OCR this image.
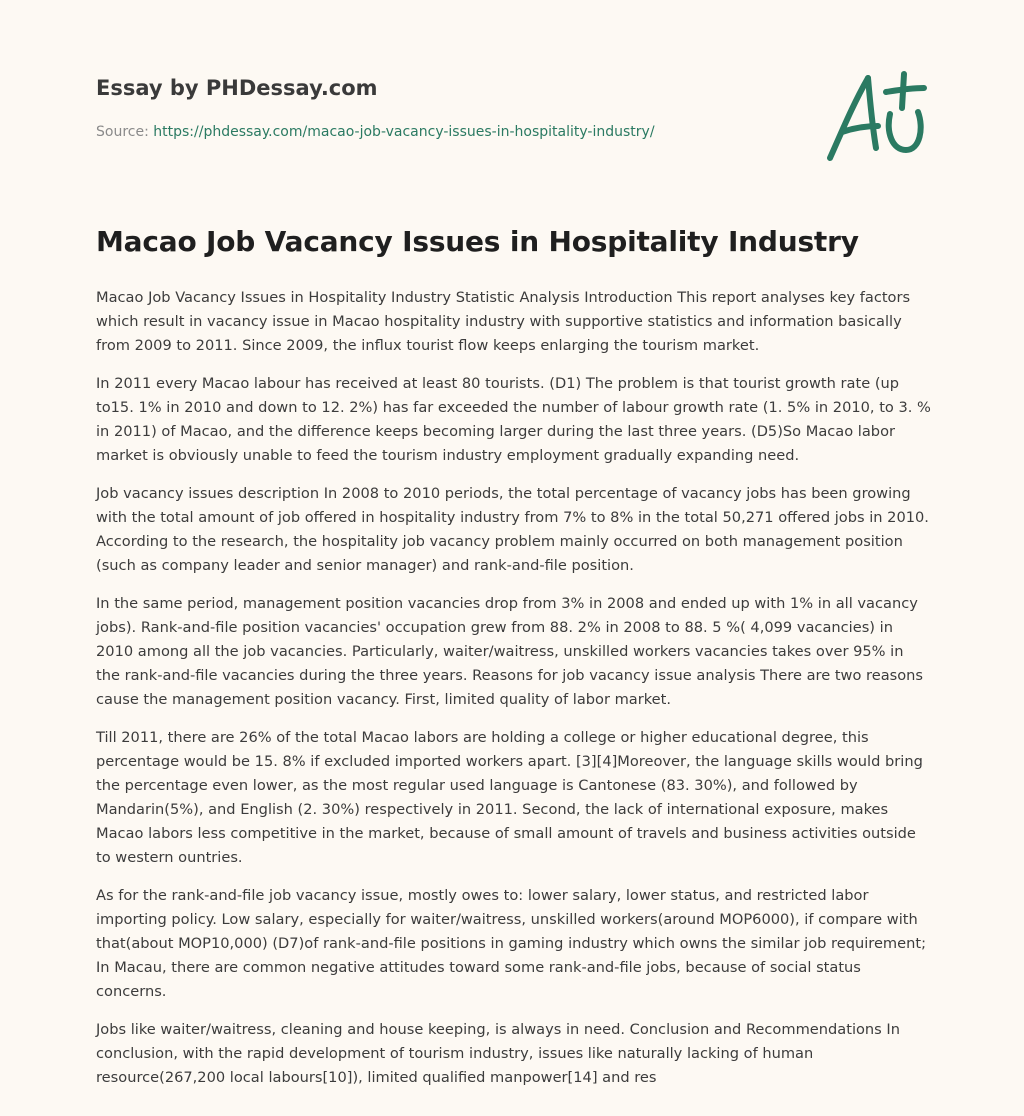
Essay by PHDessay.com
Source: https://phdessay.com/macao-job-vacancy-issues-in-hospitality-industry/
Macao Job Vacancy Issues in Hospitality Industry

Macao Job Vacancy Issues in Hospitality Industry Statistic Analysis Introduction This report analyses key factors which result in vacancy issue in Macao hospitality industry with supportive statistics and information basically from 2009 to 2011. Since 2009, the influx tourist flow keeps enlarging the tourism market.

In 2011 every Macao labour has received at least 80 tourists. (D1) The problem is that tourist growth rate (up to15. 1% in 2010 and down to 12. 2%) has far exceeded the number of labour growth rate (1. 5% in 2010, to 3. % in 2011) of Macao, and the difference keeps becoming larger during the last three years. (D5)So Macao labor market is obviously unable to feed the tourism industry employment gradually expanding need.

Job vacancy issues description In 2008 to 2010 periods, the total percentage of vacancy jobs has been growing with the total amount of job offered in hospitality industry from 7% to 8% in the total 50,271 offered jobs in 2010. According to the research, the hospitality job vacancy problem mainly occurred on both management position (such as company leader and senior manager) and rank-and-file position.

In the same period, management position vacancies drop from 3% in 2008 and ended up with 1% in all vacancy jobs). Rank-and-file position vacancies' occupation grew from 88. 2% in 2008 to 88. 5 %( 4,099 vacancies) in 2010 among all the job vacancies. Particularly, waiter/waitress, unskilled workers vacancies takes over 95% in the rank-and-file vacancies during the three years. Reasons for job vacancy issue analysis There are two reasons cause the management position vacancy. First, limited quality of labor market.

Till 2011, there are 26% of the total Macao labors are holding a college or higher educational degree, this percentage would be 15. 8% if excluded imported workers apart. [3][4]Moreover, the language skills would bring the percentage even lower, as the most regular used language is Cantonese (83. 30%), and followed by Mandarin(5%), and English (2. 30%) respectively in 2011. Second, the lack of international exposure, makes Macao labors less competitive in the market, because of small amount of travels and business activities outside to western ountries.

As for the rank-and-file job vacancy issue, mostly owes to: lower salary, lower status, and restricted labor importing policy. Low salary, especially for waiter/waitress, unskilled workers(around MOP6000), if compare with that(about MOP10,000) (D7)of rank-and-file positions in gaming industry which owns the similar job requirement; In Macau, there are common negative attitudes toward some rank-and-file jobs, because of social status concerns.

Jobs like waiter/waitress, cleaning and house keeping, is always in need. Conclusion and Recommendations In conclusion, with the rapid development of tourism industry, issues like naturally lacking of human resource(267,200 local labours[10]), limited qualified manpower[14] and res
